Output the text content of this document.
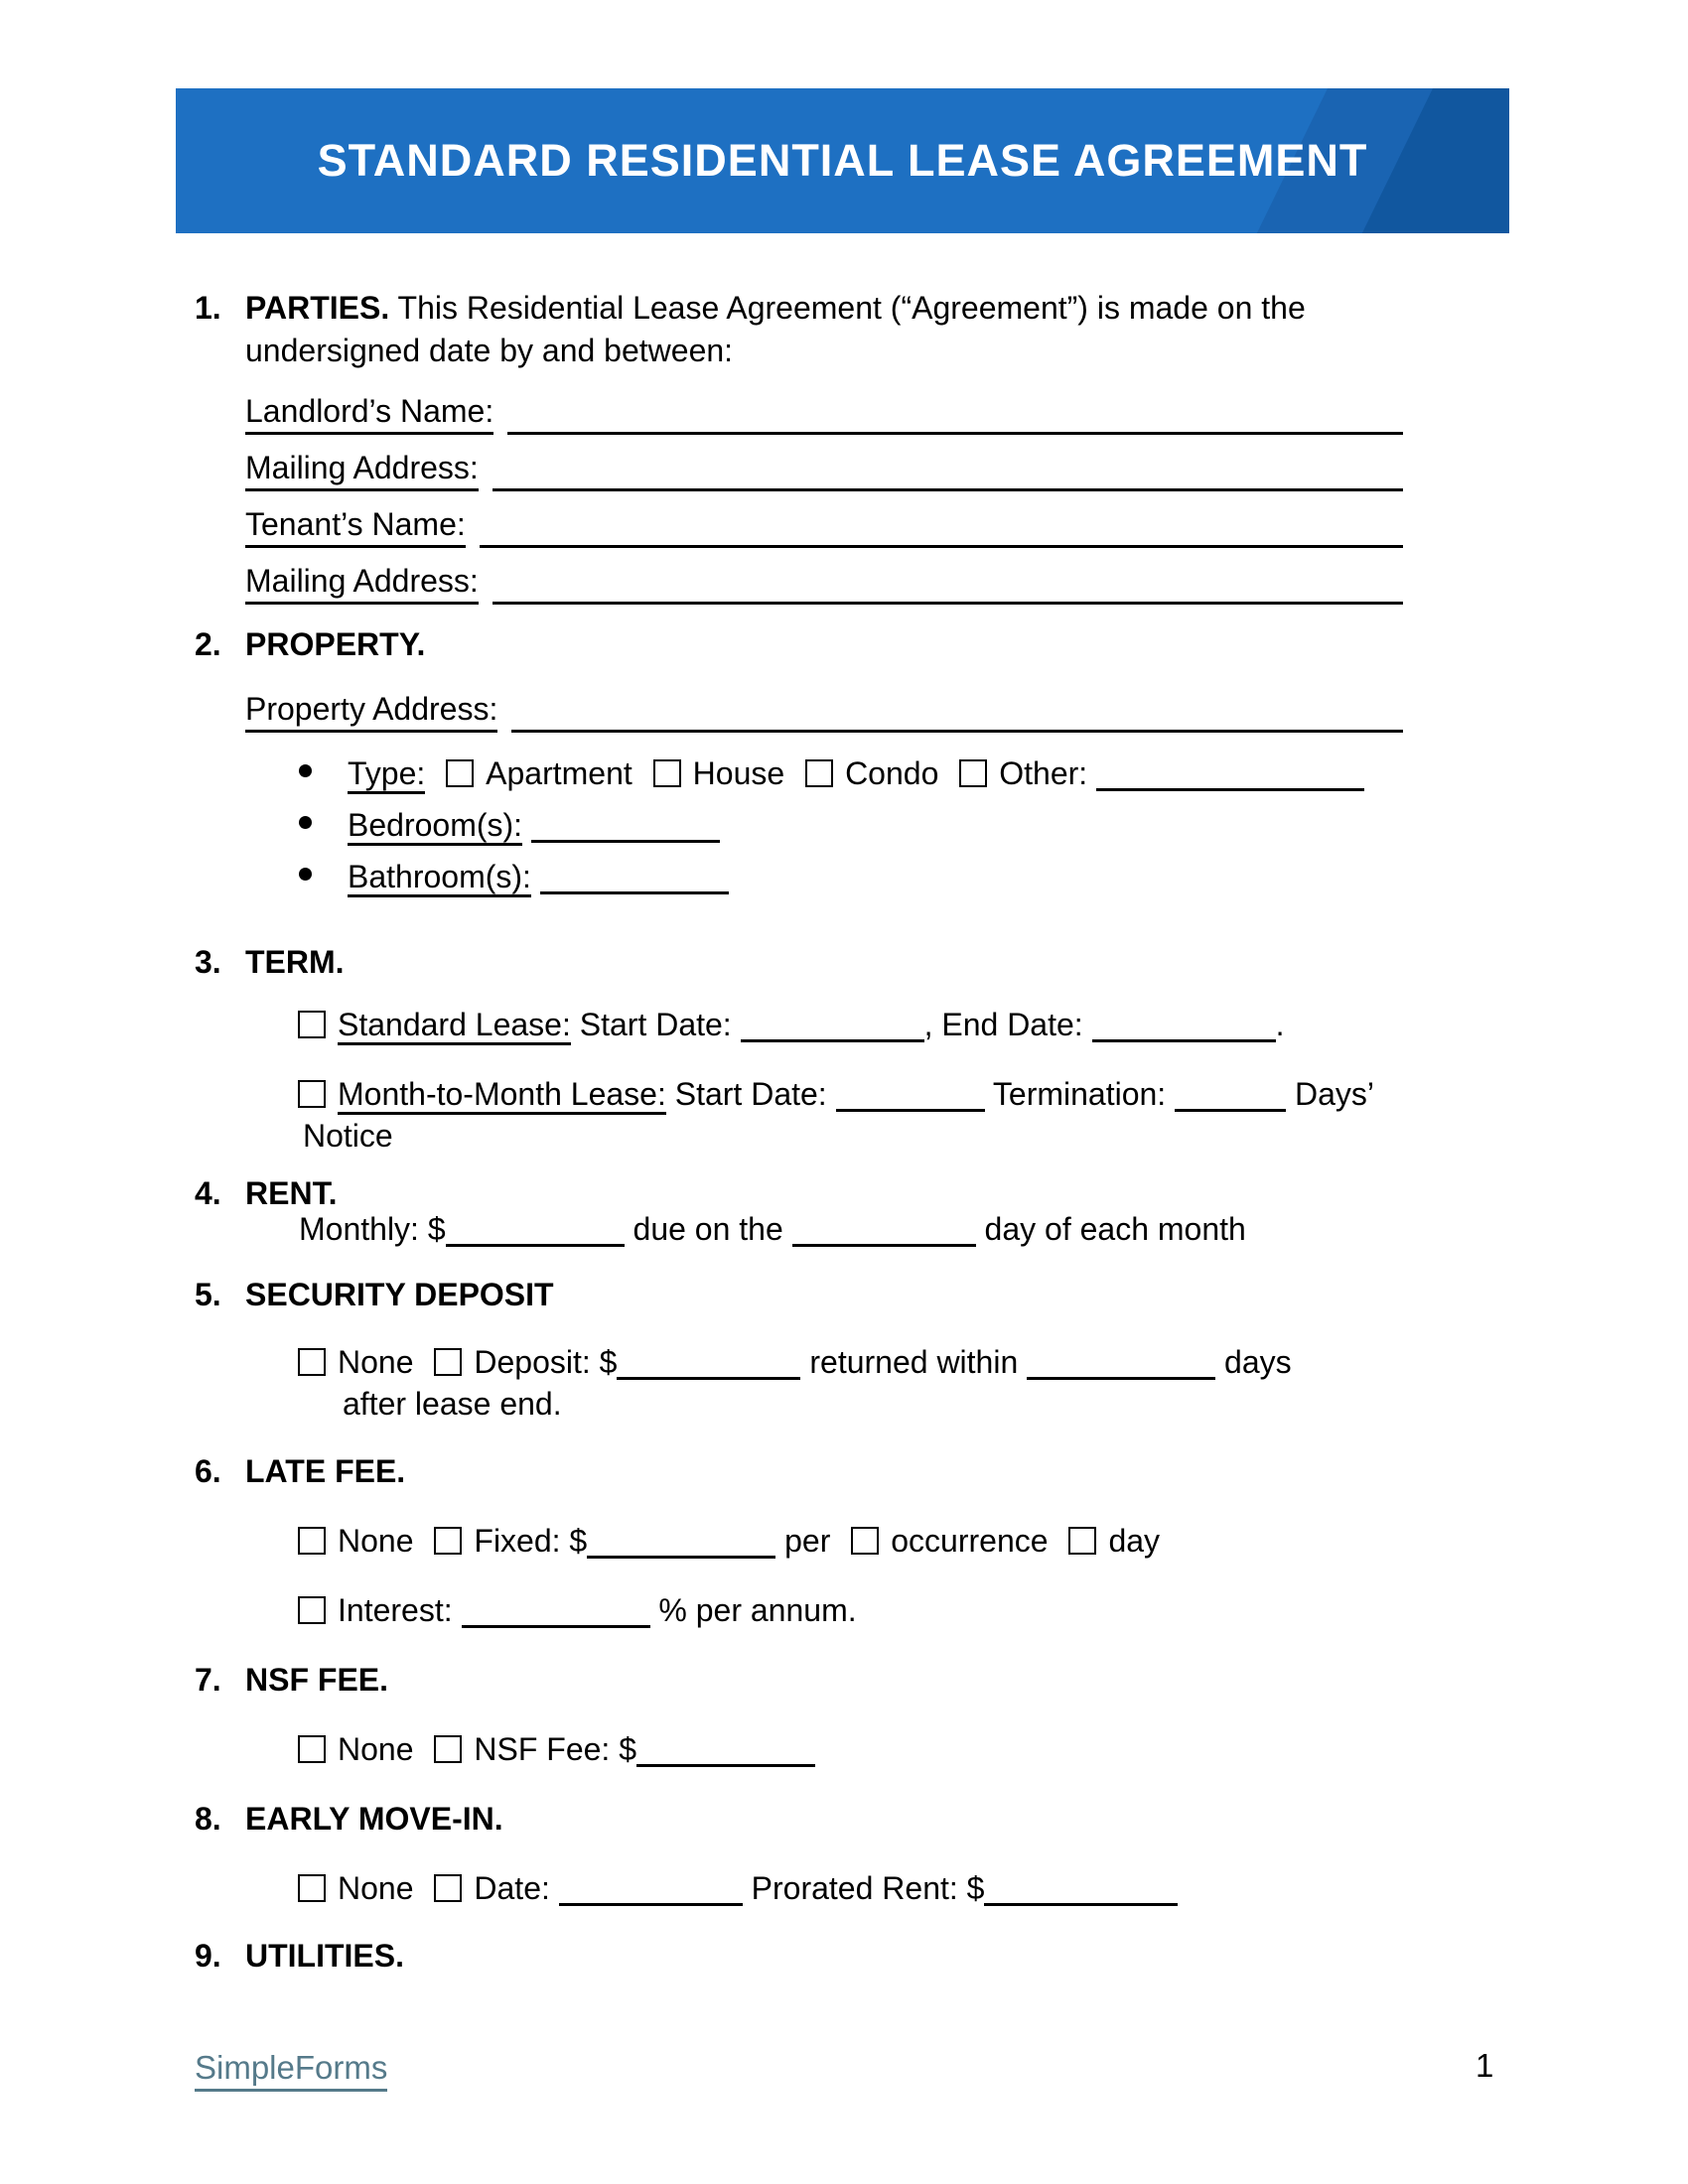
STANDARD RESIDENTIAL LEASE AGREEMENT
1. PARTIES. This Residential Lease Agreement (“Agreement”) is made on the
undersigned date by and between:
Landlord’s Name:
Mailing Address:
Tenant’s Name:
Mailing Address:
2. PROPERTY.
Property Address:
Type: Apartment House Condo Other:
Bedroom(s):
Bathroom(s):
3. TERM.
Standard Lease: Start Date:	, End Date:	.
Month-to-Month Lease: Start Date:	Termination:	Days’
Notice
4. RENT.
Monthly: $	due on the	day of each month
5. SECURITY DEPOSIT
None Deposit: $	returned within	days
after lease end.
6. LATE FEE.
None Fixed: $	per occurrence day
Interest:	% per annum.
7. NSF FEE.
None NSF Fee: $
8. EARLY MOVE-IN.
None Date:	Prorated Rent: $
9. UTILITIES.
SimpleForms	1
